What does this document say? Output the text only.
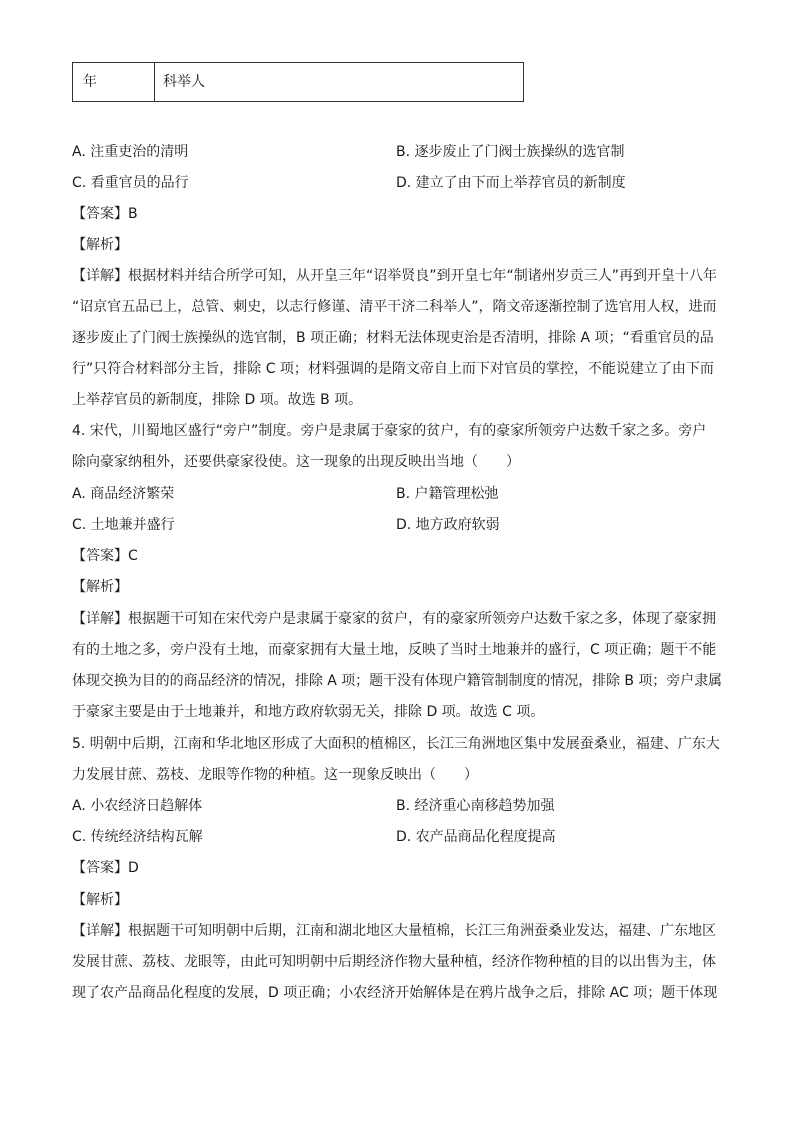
年	科举人
A. 注重吏治的清明	B. 逐步废止了门阀士族操纵的选官制
C. 看重官员的品行	D. 建立了由下而上举荐官员的新制度
【答案】B
【解析】
【详解】根据材料并结合所学可知，从开皇三年“诏举贤良”到开皇七年“制诸州岁贡三人”再到开皇十八年
“诏京官五品已上，总管、刺史，以志行修谨、清平干济二科举人”，隋文帝逐渐控制了选官用人权，进而
逐步废止了门阀士族操纵的选官制，B 项正确；材料无法体现吏治是否清明，排除 A 项；“看重官员的品
行”只符合材料部分主旨，排除 C 项；材料强调的是隋文帝自上而下对官员的掌控，不能说建立了由下而
上举荐官员的新制度，排除 D 项。故选 B 项。
4. 宋代，川蜀地区盛行“旁户”制度。旁户是隶属于豪家的贫户，有的豪家所领旁户达数千家之多。旁户
除向豪家纳租外，还要供豪家役使。这一现象的出现反映出当地（　　）
A. 商品经济繁荣	B. 户籍管理松弛
C. 土地兼并盛行	D. 地方政府软弱
【答案】C
【解析】
【详解】根据题干可知在宋代旁户是隶属于豪家的贫户，有的豪家所领旁户达数千家之多，体现了豪家拥
有的土地之多，旁户没有土地，而豪家拥有大量土地，反映了当时土地兼并的盛行，C 项正确；题干不能
体现交换为目的的商品经济的情况，排除 A 项；题干没有体现户籍管制制度的情况，排除 B 项；旁户隶属
于豪家主要是由于土地兼并，和地方政府软弱无关，排除 D 项。故选 C 项。
5. 明朝中后期，江南和华北地区形成了大面积的植棉区，长江三角洲地区集中发展蚕桑业，福建、广东大
力发展甘蔗、荔枝、龙眼等作物的种植。这一现象反映出（　　）
A. 小农经济日趋解体	B. 经济重心南移趋势加强
C. 传统经济结构瓦解	D. 农产品商品化程度提高
【答案】D
【解析】
【详解】根据题干可知明朝中后期，江南和湖北地区大量植棉，长江三角洲蚕桑业发达，福建、广东地区
发展甘蔗、荔枝、龙眼等，由此可知明朝中后期经济作物大量种植，经济作物种植的目的以出售为主，体
现了农产品商品化程度的发展，D 项正确；小农经济开始解体是在鸦片战争之后，排除 AC 项；题干体现
